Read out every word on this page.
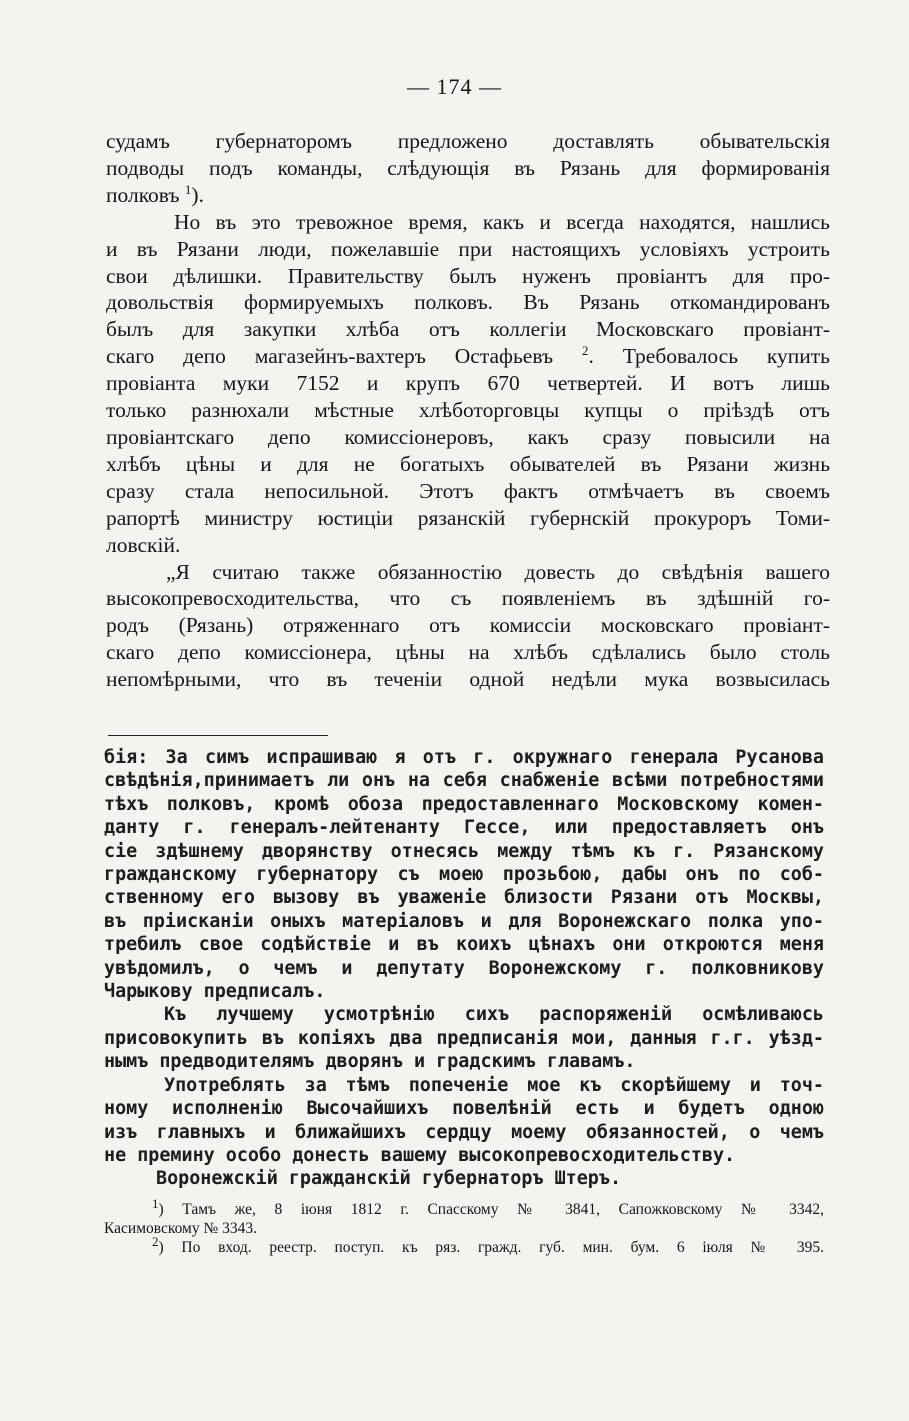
— 174 —
судамъ губернаторомъ предложено доставлять обывательскія
подводы подъ команды, слѣдующія въ Рязань для формированія
полковъ $^1$).
Но въ это тревожное время, какъ и всегда находятся, нашлись
и въ Рязани люди, пожелавшіе при настоящихъ условіяхъ устроить
свои дѣлишки. Правительству былъ нуженъ провіантъ для про-
довольствія формируемыхъ полковъ. Въ Рязань откомандированъ
былъ для закупки хлѣба отъ коллегіи Московскаго провіант-
скаго депо магазейнъ-вахтеръ Остафьевъ $^2$. Требовалось купить
провіанта муки 7152 и крупъ 670 четвертей. И вотъ лишь
только разнюхали мѣстные хлѣботорговцы купцы о пріѣздѣ отъ
провіантскаго депо комиссіонеровъ, какъ сразу повысили на
хлѣбъ цѣны и для не богатыхъ обывателей въ Рязани жизнь
сразу стала непосильной. Этотъ фактъ отмѣчаетъ въ своемъ
рапортѣ министру юстиціи рязанскій губернскій прокуроръ Томи-
ловскій.
„Я считаю также обязанностію довесть до свѣдѣнія вашего
высокопревосходительства, что съ появленіемъ въ здѣшній го-
родъ (Рязань) отряженнаго отъ комиссіи московскаго провіант-
скаго депо комиссіонера, цѣны на хлѣбъ сдѣлались было столь
непомѣрными, что въ теченіи одной недѣли мука возвысилась
бія: За симъ испрашиваю я отъ г. окружнаго генерала Русанова
свѣдѣнія,принимаетъ ли онъ на себя снабженіе всѣми потребностями
тѣхъ полковъ, кромѣ обоза предоставленнаго Московскому комен-
данту г. генералъ-лейтенанту Гессе, или предоставляетъ онъ
сіе здѣшнему дворянству отнесясь между тѣмъ къ г. Рязанскому
гражданскому губернатору съ моею прозьбою, дабы онъ по соб-
ственному его вызову въ уваженіе близости Рязани отъ Москвы,
въ пріисканіи оныхъ матеріаловъ и для Воронежскаго полка упо-
требилъ свое содѣйствіе и въ коихъ цѣнахъ они откроются меня
увѣдомилъ, о чемъ и депутату Воронежскому г. полковникову
Чарыкову предписалъ.
Къ лучшему усмотрѣнію сихъ распоряженій осмѣливаюсь
присовокупить въ копіяхъ два предписанія мои, данныя г.г. уѣзд-
нымъ предводителямъ дворянъ и градскимъ главамъ.
Употреблять за тѣмъ попеченіе мое къ скорѣйшему и точ-
ному исполненію Высочайшихъ повелѣній есть и будетъ одною
изъ главныхъ и ближайшихъ сердцу моему обязанностей, о чемъ
не премину особо донесть вашему высокопревосходительству.
Воронежскій гражданскій губернаторъ Штеръ.
$^1$) Тамъ же, 8 іюня 1812 г. Спасскому № 3841, Сапожковскому № 3342,
Касимовскому № 3343.
$^2$) По вход. реестр. поступ. къ ряз. гражд. губ. мин. бум. 6 іюля № 395.
